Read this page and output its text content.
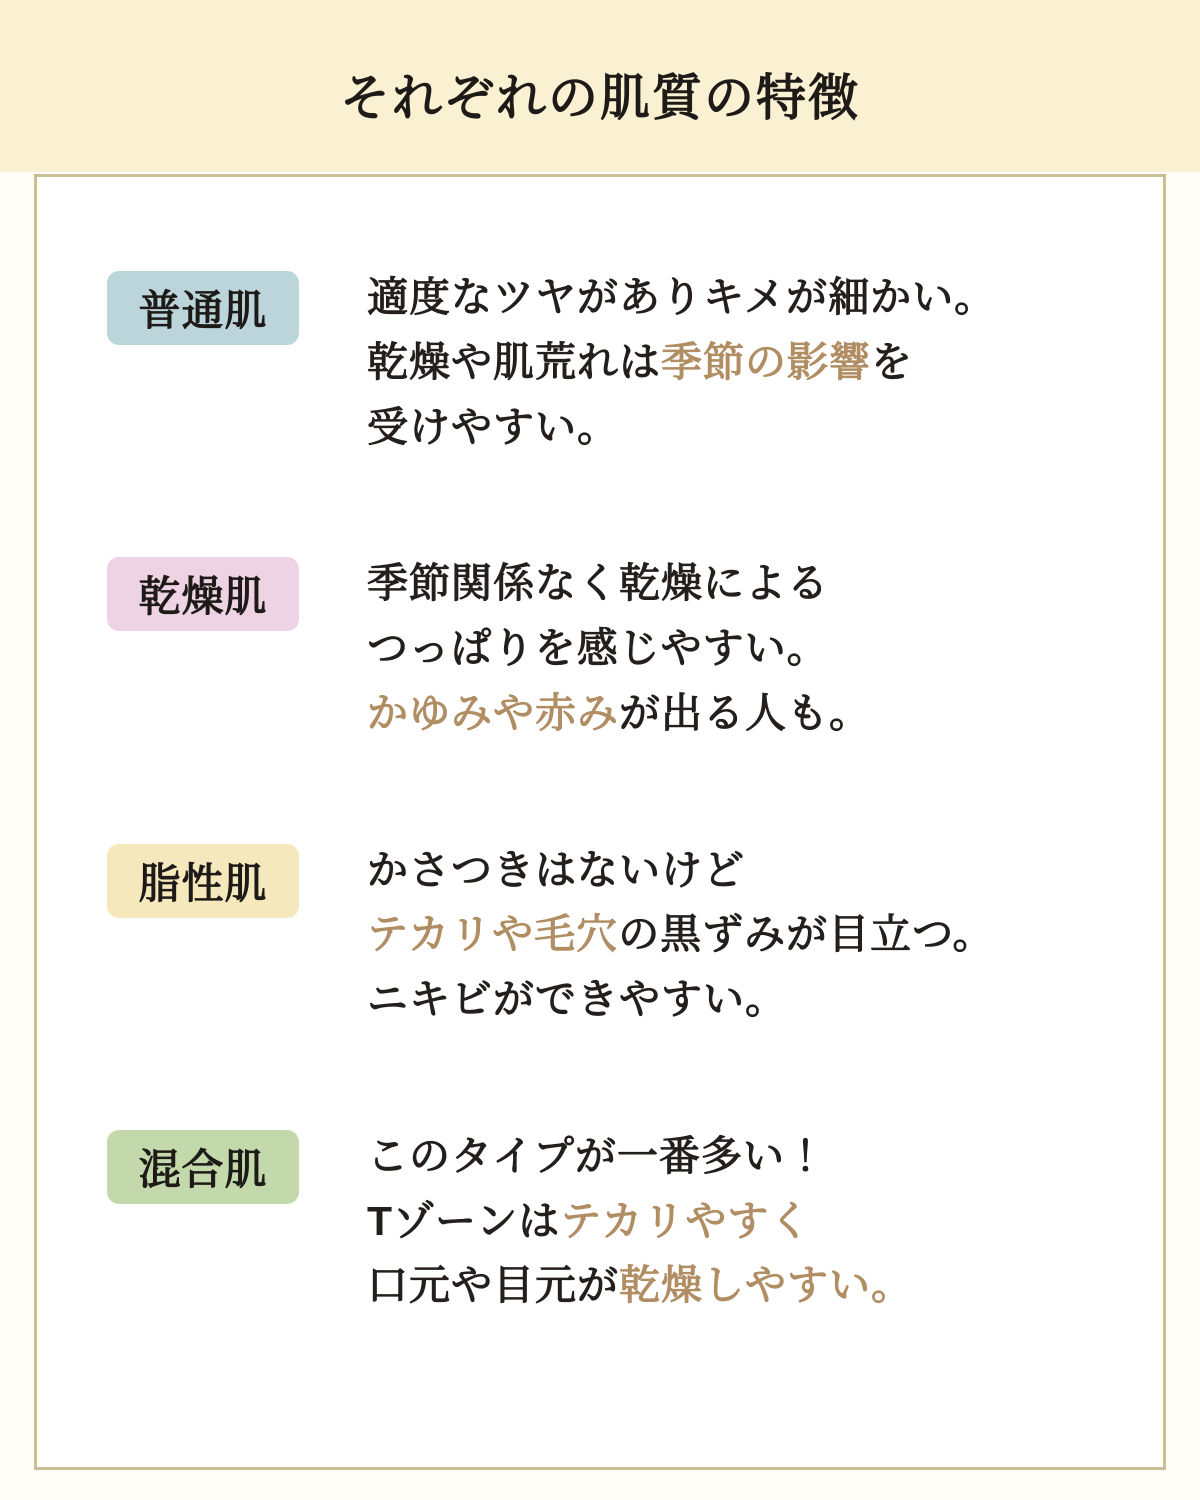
それぞれの肌質の特徴
普通肌	適度なツヤがありキメが細かい。
乾燥や肌荒れは季節の影響を
受けやすい。
乾燥肌	季節関係なく乾燥による
つっぱりを感じやすい。
かゆみや赤みが出る人も。
脂性肌	かさつきはないけど
テカリや毛穴の黒ずみが目立つ。
ニキビができやすい。
混合肌	このタイプが一番多い！
Tゾーンはテカリやすく
口元や目元が乾燥しやすい。
